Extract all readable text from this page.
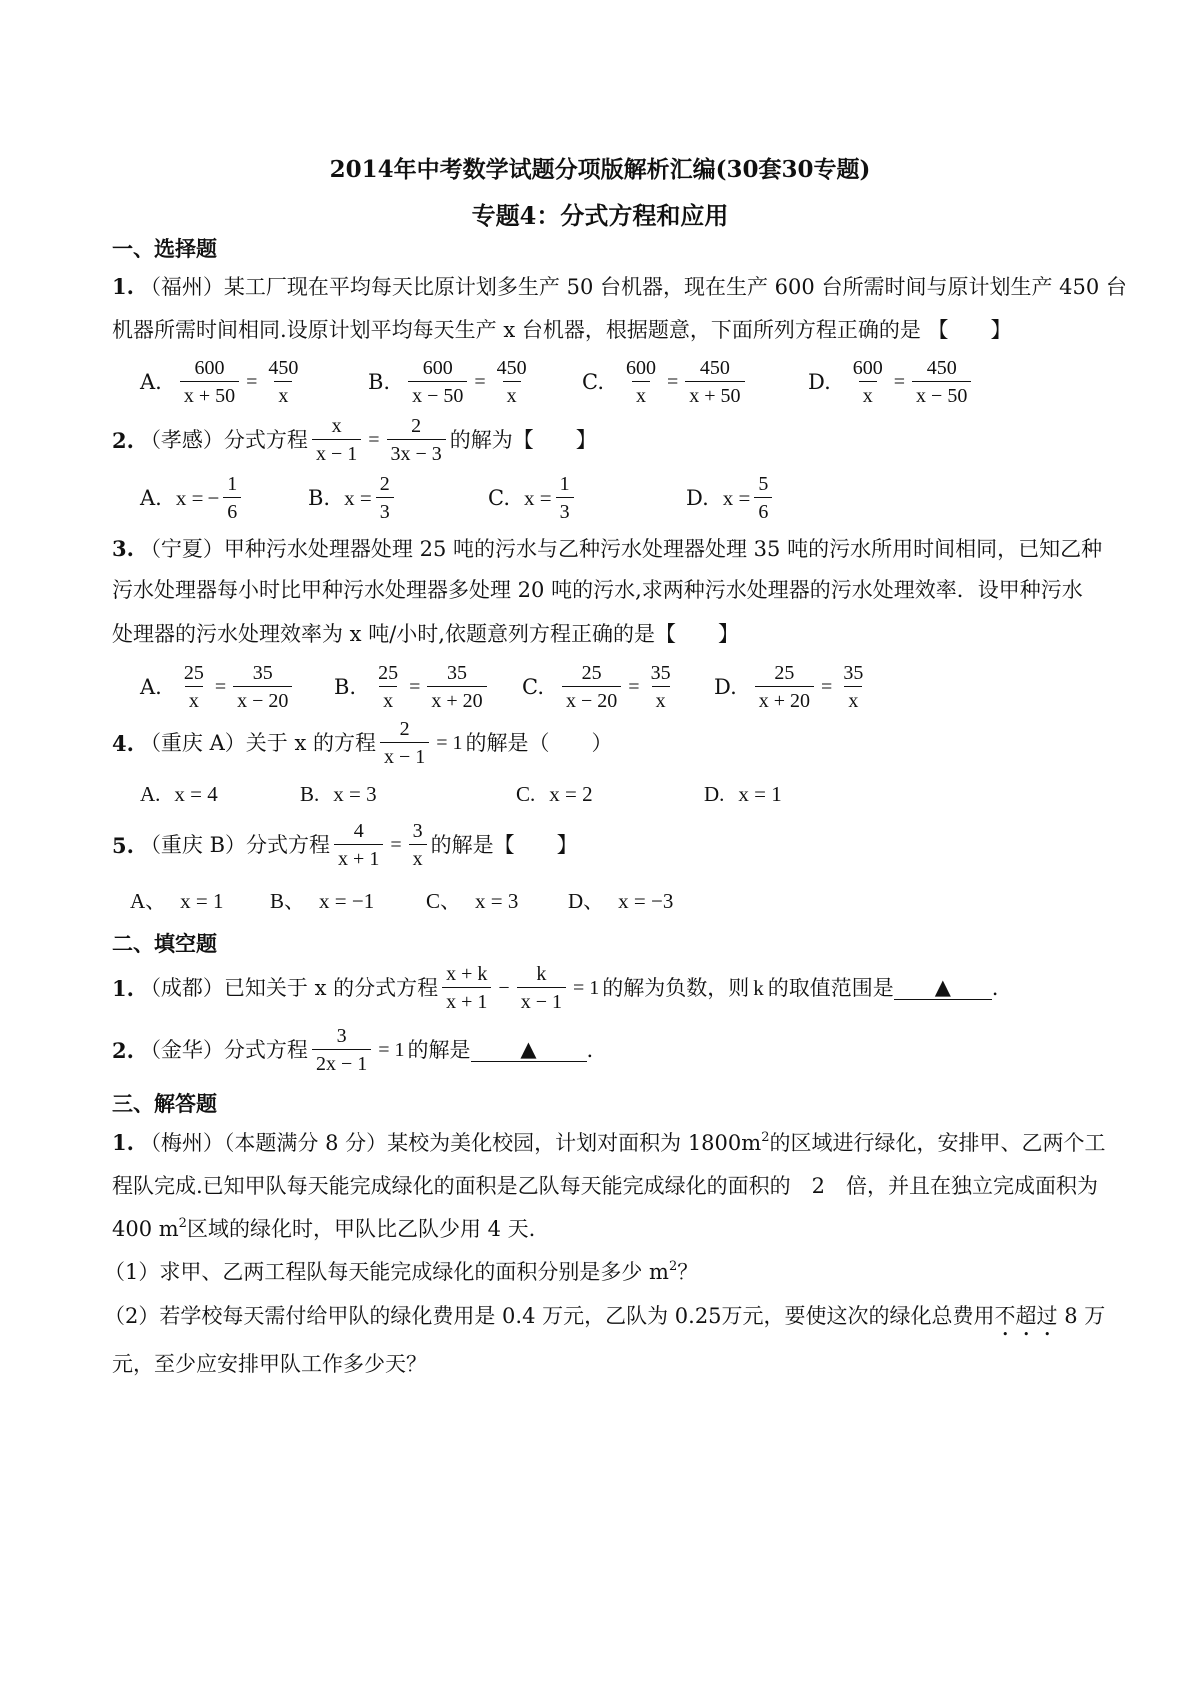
2014年中考数学试题分项版解析汇编(30套30专题)
专题4：分式方程和应用
一、选择题
1. （福州）某工厂现在平均每天比原计划多生产 50 台机器，现在生产 600 台所需时间与原计划生产 450 台
机器所需时间相同.设原计划平均每天生产 x 台机器，根据题意，下面所列方程正确的是 【　　】
A. $\frac{600}{x + 50} = \frac{450}{x}$	B. $\frac{600}{x - 50} = \frac{450}{x} C$. $\frac{600}{x} = \frac{450}{x + 50}$	D. $\frac{600}{x} = \frac{450}{x - 50}$
2. （孝感）分式方程 $\frac{x}{x - 1} = \frac{2}{3x - 3}$ 的解为【　　】
A. x = − $\frac{1}{6}$	B. $x = \frac{2}{3}$	C. $x = \frac{1}{3}$	D. $x = \frac{5}{6}$
3. （宁夏）甲种污水处理器处理 25 吨的污水与乙种污水处理器处理 35 吨的污水所用时间相同，已知乙种
污水处理器每小时比甲种污水处理器多处理 20 吨的污水,求两种污水处理器的污水处理效率．设甲种污水
处理器的污水处理效率为 x 吨/小时,依题意列方程正确的是【　　】
A. $\frac{25}{x} = \frac{35}{x - 20} B$. $\frac{25}{x} = \frac{35}{x + 20} C$. $\frac{25}{x - 20} = \frac{35}{x} D$. $\frac{25}{x + 20} = \frac{35}{x}$
4. （重庆 A）关于 x 的方程 $\frac{2}{x - 1} = 1$ 的解是（　　）
A. x = 4	B. x = 3	C. x = 2	D. x = 1
5. （重庆 B）分式方程 $\frac{4}{x + 1} = \frac{3}{x}$ 的解是【　　】
A、 x = 1 B、 x = −1 C、 x = 3 D、 x = −3
二、填空题
1. （成都）已知关于 x 的分式方程 $\frac{x + k}{x + 1} - \frac{k}{x - 1} = 1$ 的解为负数，则 k 的取值范围是	▲	.
2. （金华）分式方程 $\frac{3}{2x - 1} = 1$ 的解是	▲	.
三、解答题
1. （梅州）（本题满分 8 分）某校为美化校园，计划对面积为 $1800m^2$的区域进行绿化，安排甲、乙两个工
程队完成.已知甲队每天能完成绿化的面积是乙队每天能完成绿化的面积的　2　倍，并且在独立完成面积为
400 $m^2$区域的绿化时，甲队比乙队少用 4 天.
（1）求甲、乙两工程队每天能完成绿化的面积分别是多少 $m^2$？
（2）若学校每天需付给甲队的绿化费用是 0.4 万元，乙队为 0.25万元，要使这次的绿化总费用不超过 8 万
元，至少应安排甲队工作多少天？
